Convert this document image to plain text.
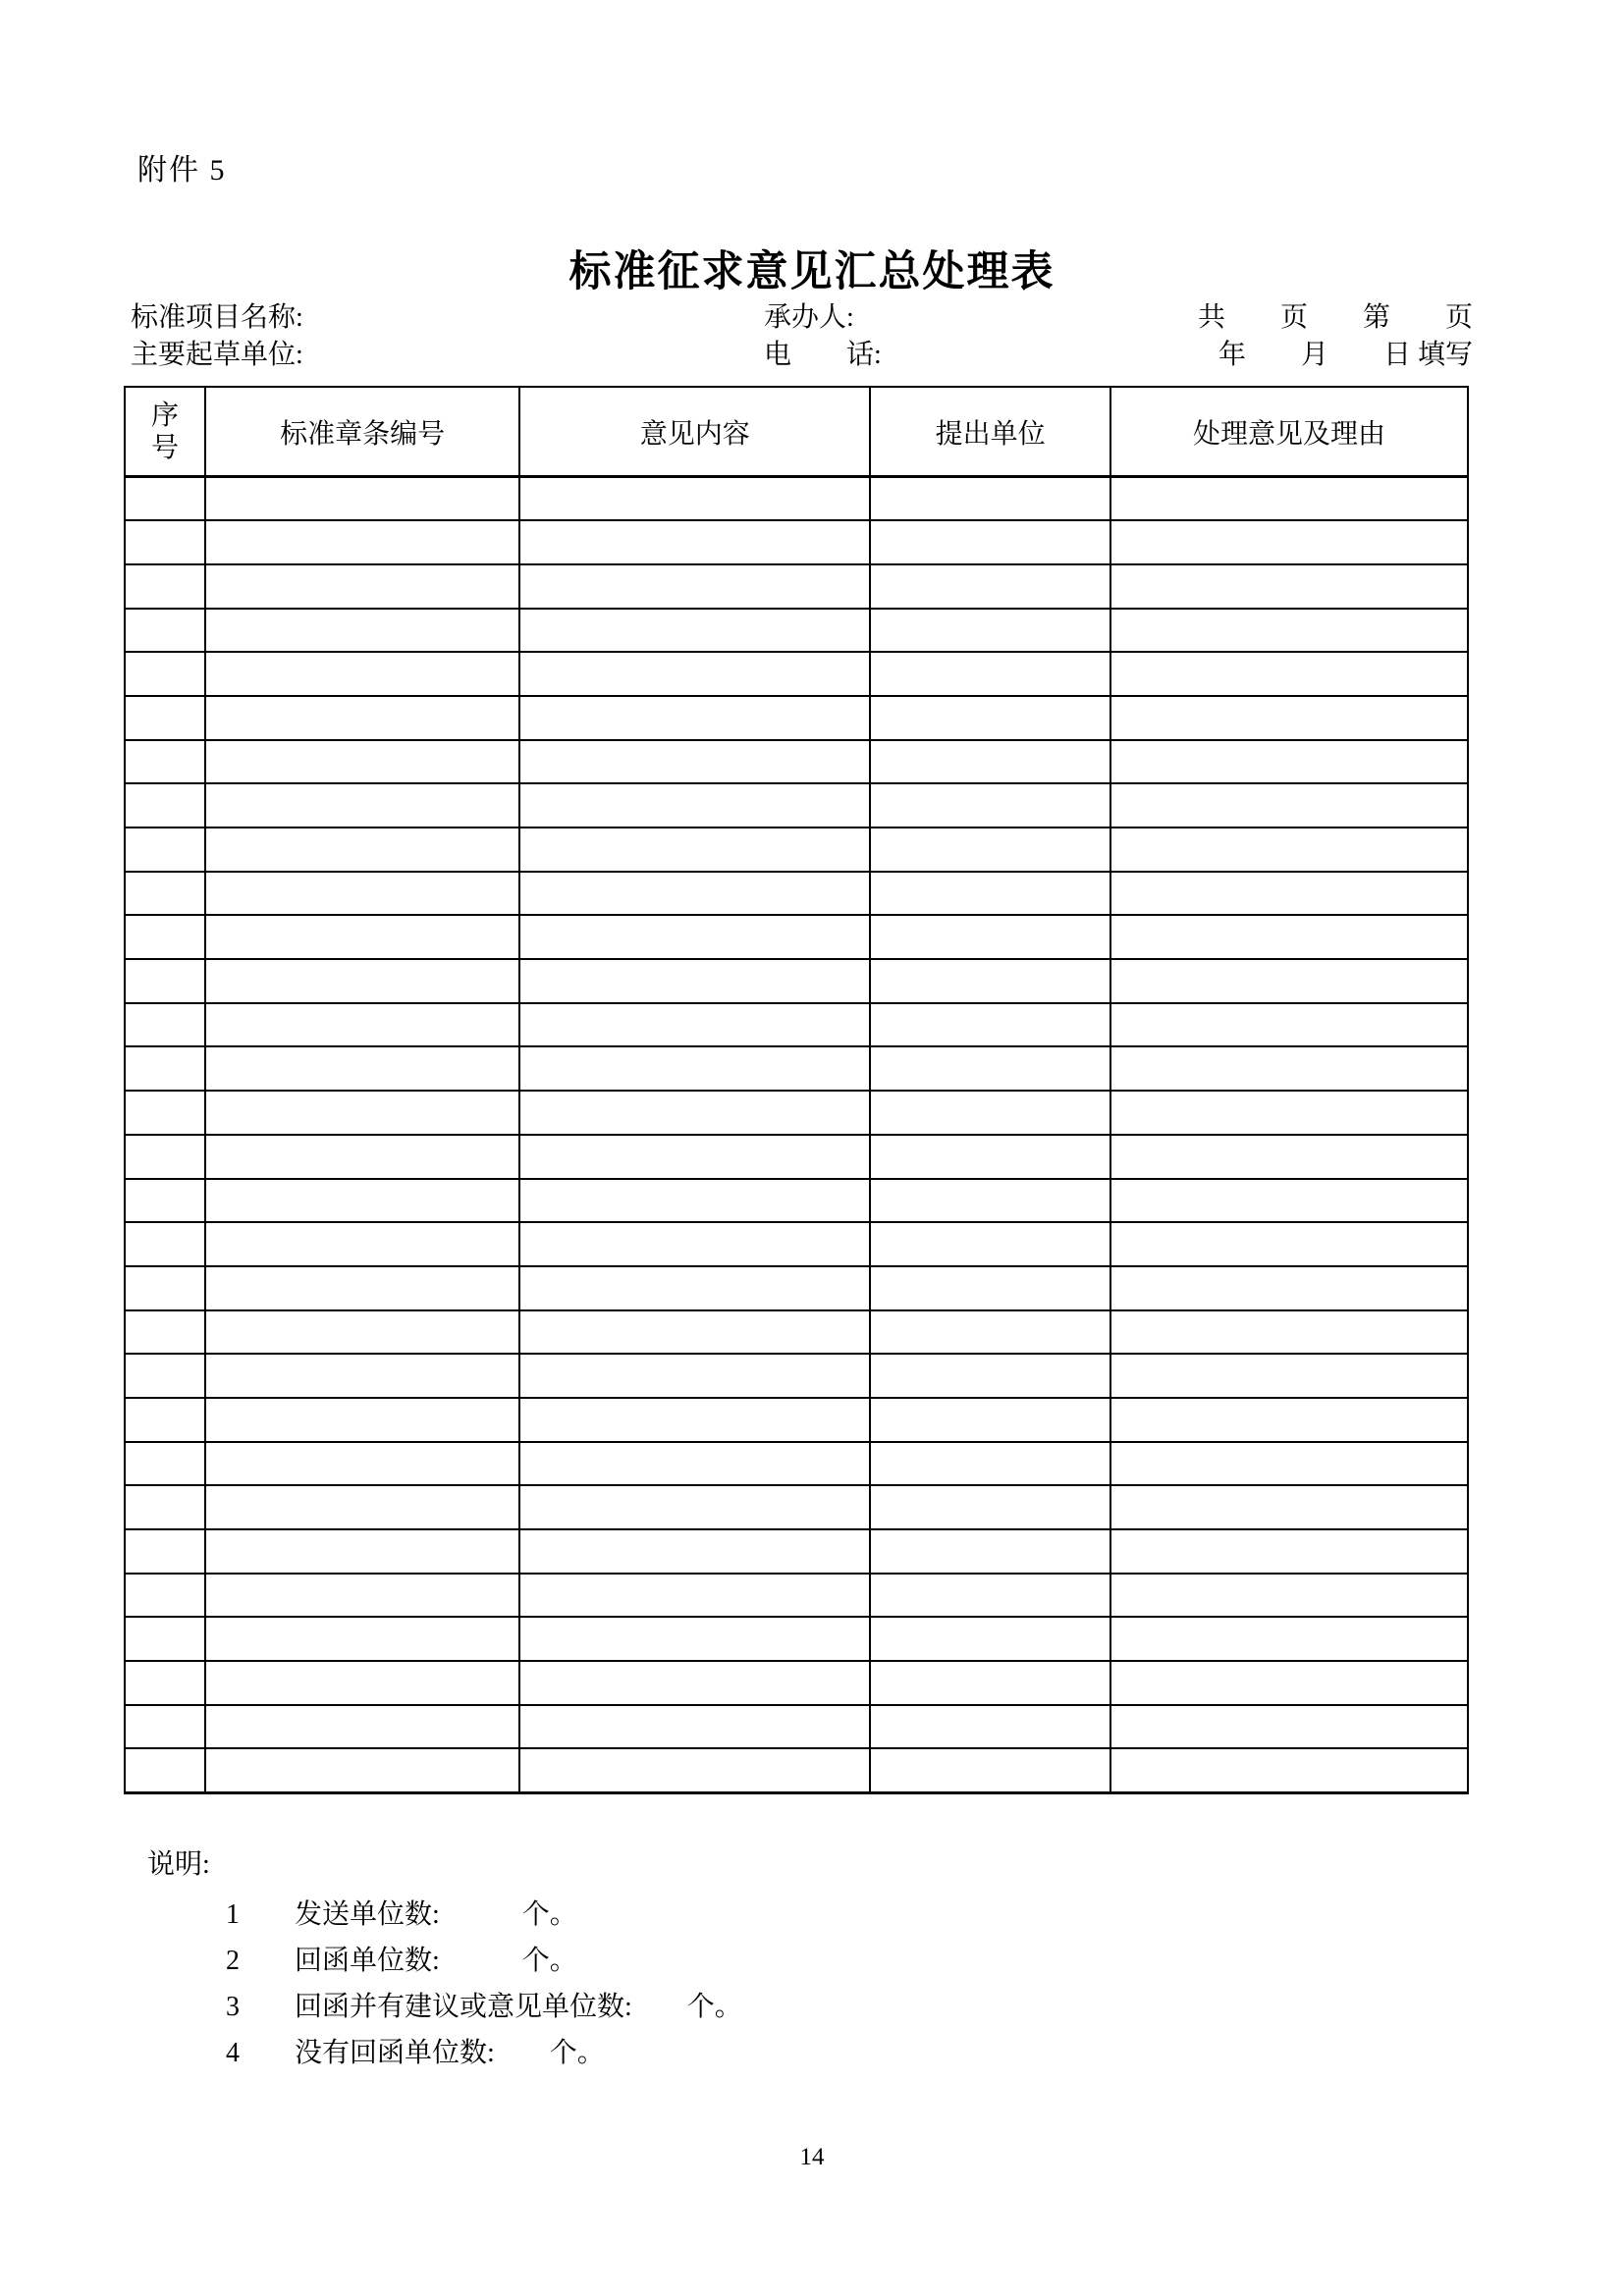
附件 5
标准征求意见汇总处理表
标准项目名称:	承办人:	共　　页　　第　　页
主要起草单位:	电　　话:	年　　月　　日 填写
序号	标准章条编号	意见内容	提出单位	处理意见及理由

说明:
1 发送单位数:　　　个。
2 回函单位数:　　　个。
3 回函并有建议或意见单位数:　　个。
4 没有回函单位数:　　个。
14
